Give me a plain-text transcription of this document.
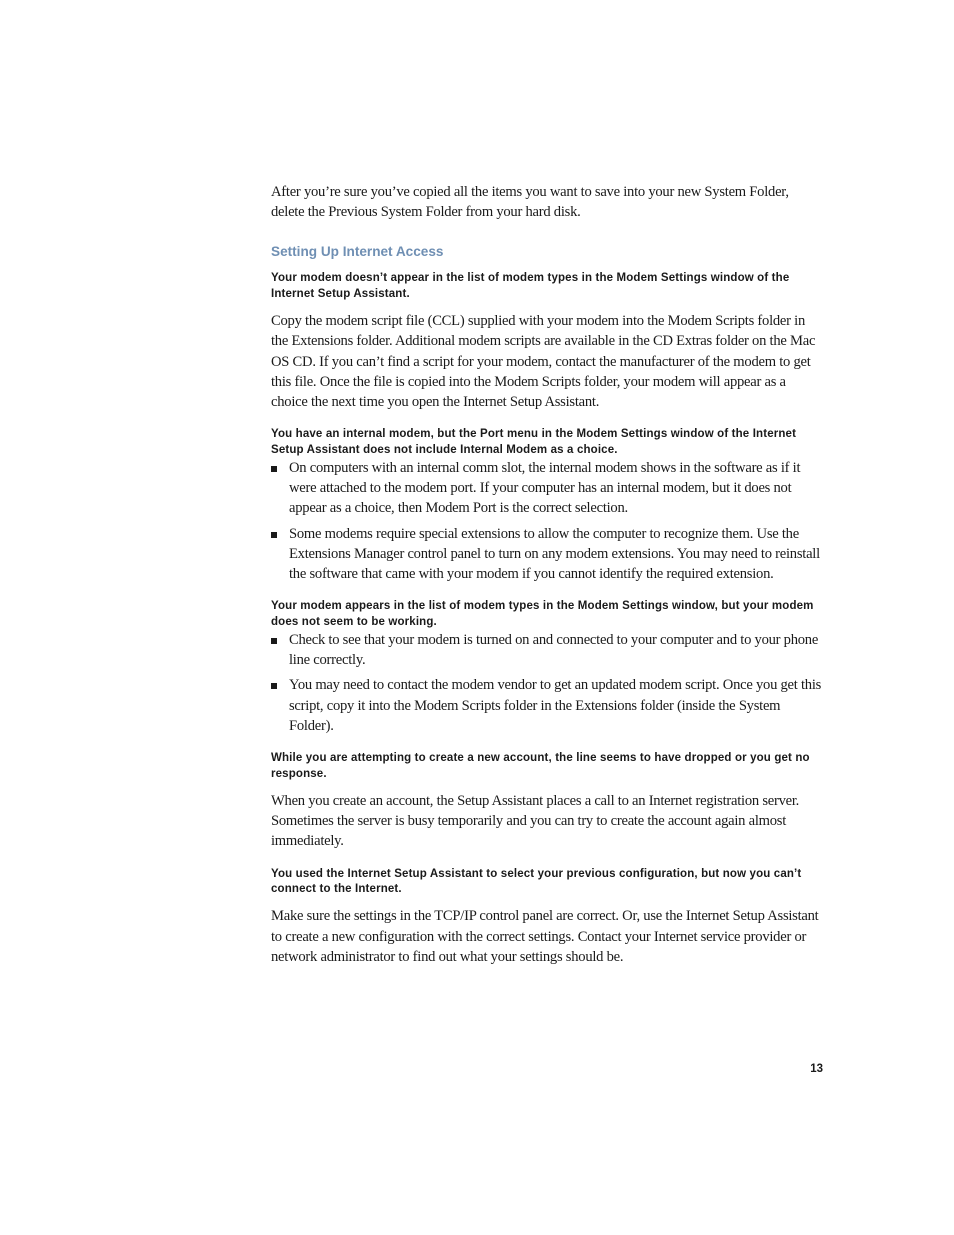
After you’re sure you’ve copied all the items you want to save into your new System Folder, delete the Previous System Folder from your hard disk.

Setting Up Internet Access

Your modem doesn’t appear in the list of modem types in the Modem Settings window of the Internet Setup Assistant.

Copy the modem script file (CCL) supplied with your modem into the Modem Scripts folder in the Extensions folder. Additional modem scripts are available in the CD Extras folder on the Mac OS CD. If you can’t find a script for your modem, contact the manufacturer of the modem to get this file. Once the file is copied into the Modem Scripts folder, your modem will appear as a choice the next time you open the Internet Setup Assistant.

You have an internal modem, but the Port menu in the Modem Settings window of the Internet Setup Assistant does not include Internal Modem as a choice.

On computers with an internal comm slot, the internal modem shows in the software as if it were attached to the modem port. If your computer has an internal modem, but it does not appear as a choice, then Modem Port is the correct selection.
Some modems require special extensions to allow the computer to recognize them. Use the Extensions Manager control panel to turn on any modem extensions. You may need to reinstall the software that came with your modem if you cannot identify the required extension.

Your modem appears in the list of modem types in the Modem Settings window, but your modem does not seem to be working.

Check to see that your modem is turned on and connected to your computer and to your phone line correctly.
You may need to contact the modem vendor to get an updated modem script. Once you get this script, copy it into the Modem Scripts folder in the Extensions folder (inside the System Folder).

While you are attempting to create a new account, the line seems to have dropped or you get no response.

When you create an account, the Setup Assistant places a call to an Internet registration server. Sometimes the server is busy temporarily and you can try to create the account again almost immediately.

You used the Internet Setup Assistant to select your previous configuration, but now you can’t connect to the Internet.

Make sure the settings in the TCP/IP control panel are correct. Or, use the Internet Setup Assistant to create a new configuration with the correct settings. Contact your Internet service provider or network administrator to find out what your settings should be.

13
